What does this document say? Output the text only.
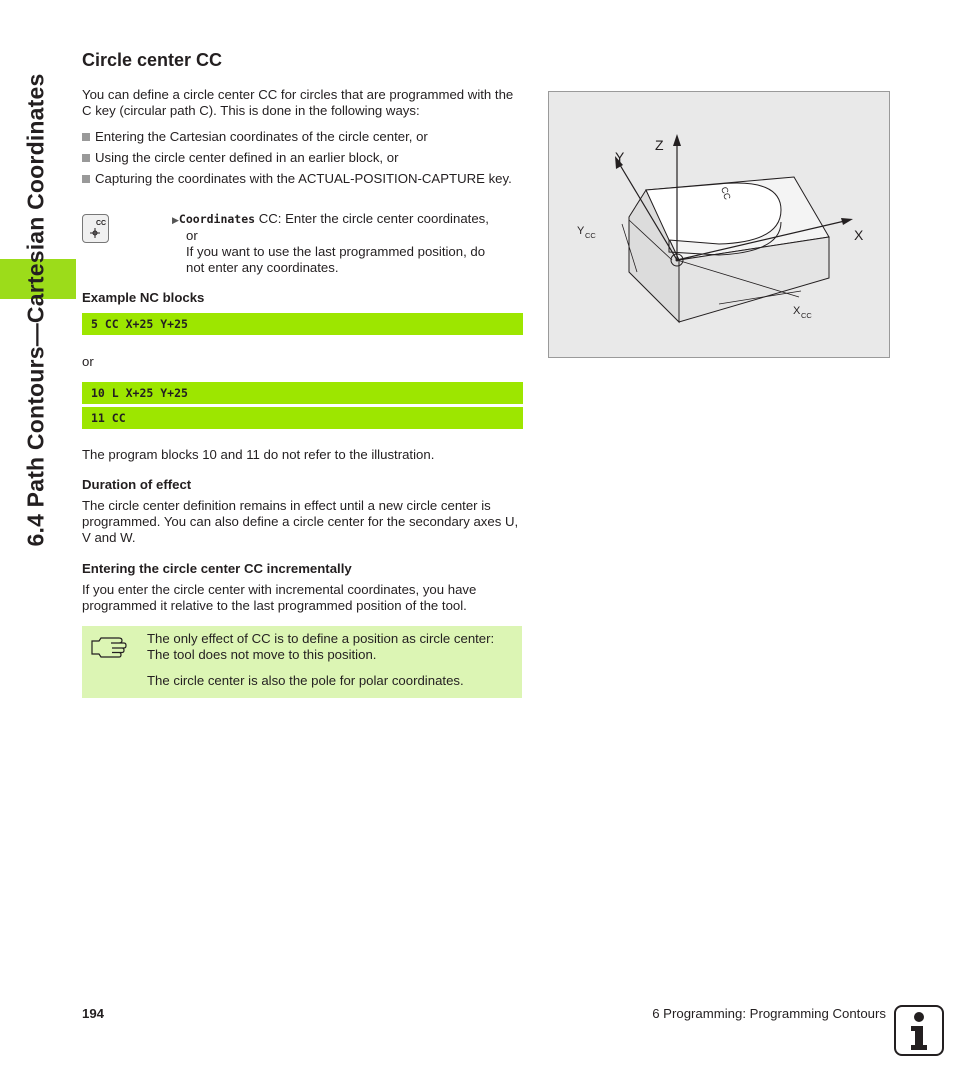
6.4 Path Contours—Cartesian Coordinates
Circle center CC

You can define a circle center CC for circles that are programmed with the C key (circular path C). This is done in the following ways:

Entering the Cartesian coordinates of the circle center, or
Using the circle center defined in an earlier block, or
Capturing the coordinates with the ACTUAL-POSITION-CAPTURE key.
CC	▶Coordinates CC: Enter the circle center coordinates,
or
If you want to use the last programmed position, do
not enter any coordinates.
Example NC blocks
5 CC X+25 Y+25
or
10 L X+25 Y+25
11 CC

The program blocks 10 and 11 do not refer to the illustration.

Duration of effect

The circle center definition remains in effect until a new circle center is programmed. You can also define a circle center for the secondary axes U, V and W.

Entering the circle center CC incrementally

If you enter the circle center with incremental coordinates, you have programmed it relative to the last programmed position of the tool.

The only effect of CC is to define a position as circle center: The tool does not move to this position.

The circle center is also the pole for polar coordinates.

Z
Y
X
CC
Y CC
X CC
194	6 Programming: Programming Contours
